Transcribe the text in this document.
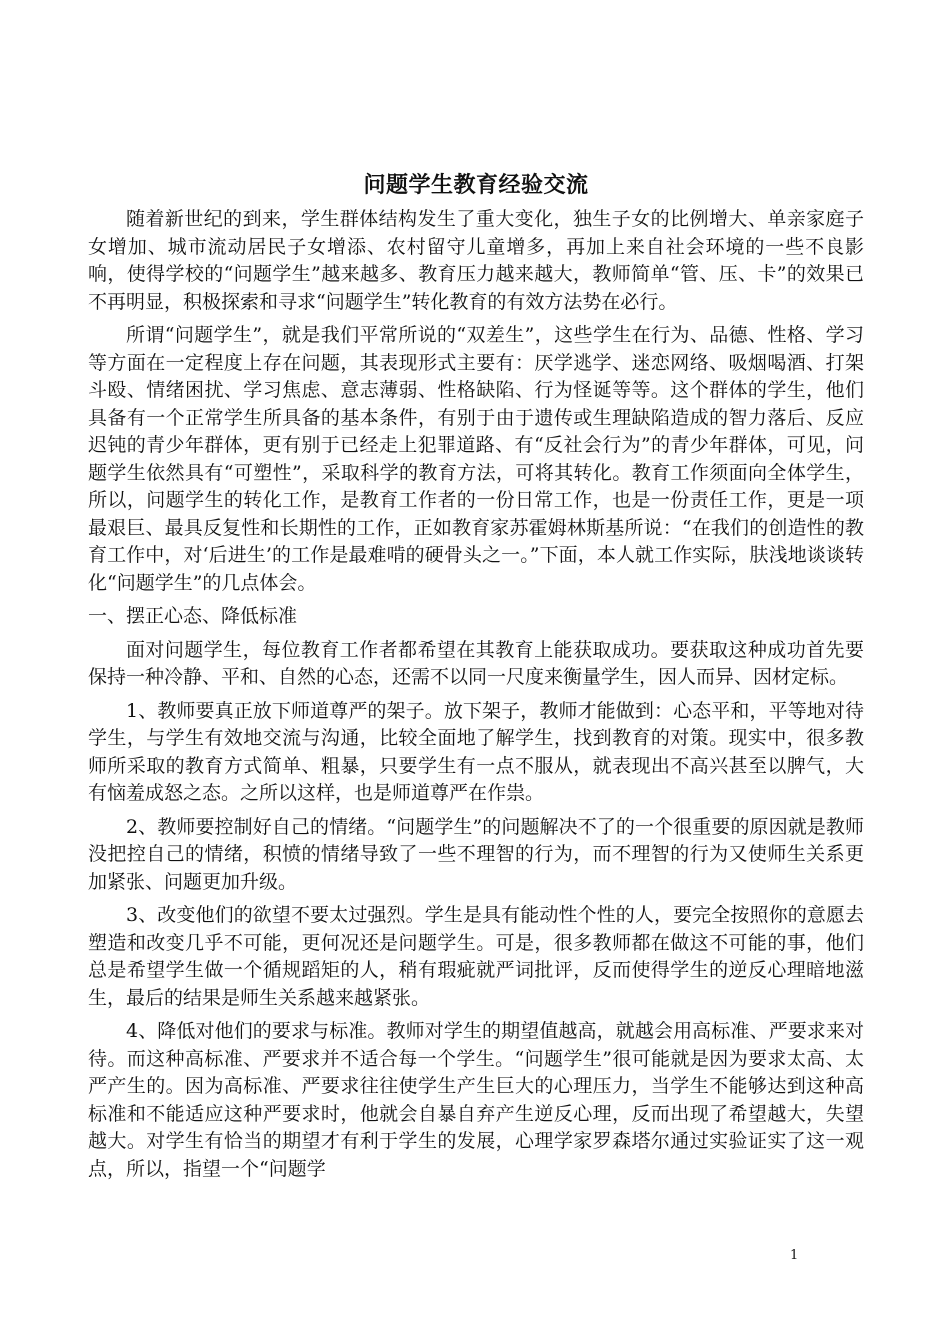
问题学生教育经验交流

随着新世纪的到来，学生群体结构发生了重大变化，独生子女的比例增大、单亲家庭子女增加、城市流动居民子女增添、农村留守儿童增多，再加上来自社会环境的一些不良影响，使得学校的“问题学生”越来越多、教育压力越来越大，教师简单“管、压、卡”的效果已不再明显，积极探索和寻求“问题学生”转化教育的有效方法势在必行。

所谓“问题学生”，就是我们平常所说的“双差生”，这些学生在行为、品德、性格、学习等方面在一定程度上存在问题，其表现形式主要有：厌学逃学、迷恋网络、吸烟喝酒、打架斗殴、情绪困扰、学习焦虑、意志薄弱、性格缺陷、行为怪诞等等。这个群体的学生，他们具备有一个正常学生所具备的基本条件，有别于由于遗传或生理缺陷造成的智力落后、反应迟钝的青少年群体，更有别于已经走上犯罪道路、有“反社会行为”的青少年群体，可见，问题学生依然具有“可塑性”，采取科学的教育方法，可将其转化。教育工作须面向全体学生，所以，问题学生的转化工作，是教育工作者的一份日常工作，也是一份责任工作，更是一项最艰巨、最具反复性和长期性的工作，正如教育家苏霍姆林斯基所说：“在我们的创造性的教育工作中，对‘后进生’的工作是最难啃的硬骨头之一。”下面，本人就工作实际，肤浅地谈谈转化“问题学生”的几点体会。

一、摆正心态、降低标准

面对问题学生，每位教育工作者都希望在其教育上能获取成功。要获取这种成功首先要保持一种冷静、平和、自然的心态，还需不以同一尺度来衡量学生，因人而异、因材定标。

1、教师要真正放下师道尊严的架子。放下架子，教师才能做到：心态平和，平等地对待学生，与学生有效地交流与沟通，比较全面地了解学生，找到教育的对策。现实中，很多教师所采取的教育方式简单、粗暴，只要学生有一点不服从，就表现出不高兴甚至以脾气，大有恼羞成怒之态。之所以这样，也是师道尊严在作祟。

2、教师要控制好自己的情绪。“问题学生”的问题解决不了的一个很重要的原因就是教师没把控自己的情绪，积愤的情绪导致了一些不理智的行为，而不理智的行为又使师生关系更加紧张、问题更加升级。

3、改变他们的欲望不要太过强烈。学生是具有能动性个性的人，要完全按照你的意愿去塑造和改变几乎不可能，更何况还是问题学生。可是，很多教师都在做这不可能的事，他们总是希望学生做一个循规蹈矩的人，稍有瑕疵就严词批评，反而使得学生的逆反心理暗地滋生，最后的结果是师生关系越来越紧张。

4、降低对他们的要求与标准。教师对学生的期望值越高，就越会用高标准、严要求来对待。而这种高标准、严要求并不适合每一个学生。“问题学生”很可能就是因为要求太高、太严产生的。因为高标准、严要求往往使学生产生巨大的心理压力，当学生不能够达到这种高标准和不能适应这种严要求时，他就会自暴自弃产生逆反心理，反而出现了希望越大，失望越大。对学生有恰当的期望才有利于学生的发展，心理学家罗森塔尔通过实验证实了这一观点，所以，指望一个“问题学

1
